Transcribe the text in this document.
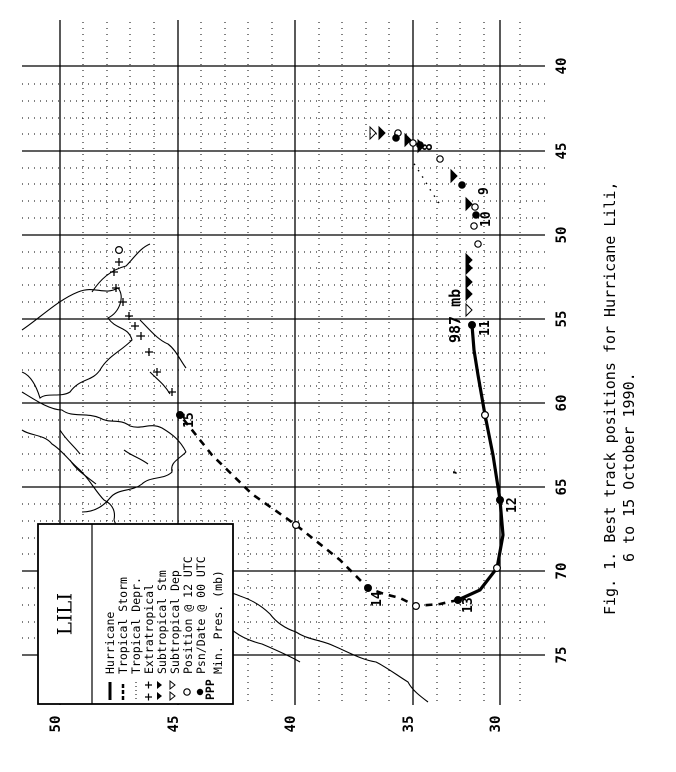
,
8
9
10
11
12
13
14
15
987 mb
40
45
50
55
60
65
70
75
50	45	40	35	30
LILI
PPP
Hurricane Tropical Storm Tropical Depr. Extratropical Subtropical Stm Subtropical Dep Position @ 12 UTC Psn/Date @ 00 UTC Min. Pres. (mb)
Fig. 1. Best track positions for Hurricane Lili, 6 to 15 October 1990.
